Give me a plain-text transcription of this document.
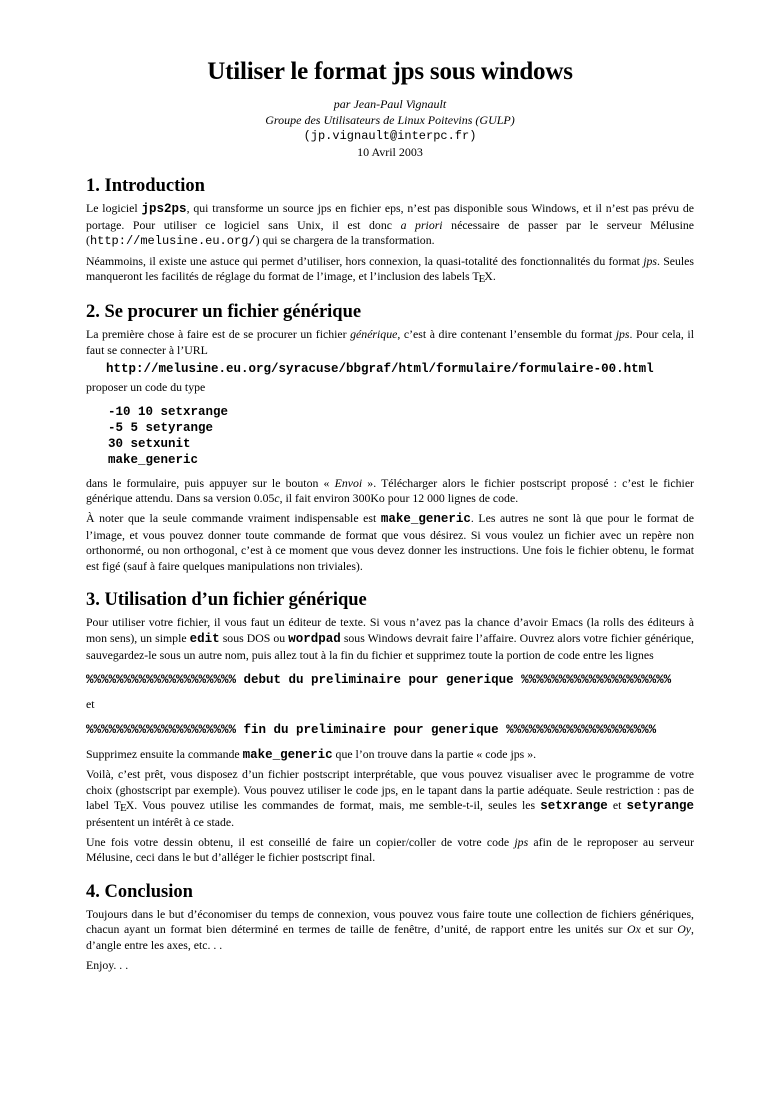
Utiliser le format jps sous windows
par Jean-Paul Vignault
Groupe des Utilisateurs de Linux Poitevins (GULP)
(jp.vignault@interpc.fr)
10 Avril 2003
1. Introduction

Le logiciel jps2ps, qui transforme un source jps en fichier eps, n’est pas disponible sous Windows, et il n’est pas prévu de portage. Pour utiliser ce logiciel sans Unix, il est donc a priori nécessaire de passer par le serveur Mélusine (http://melusine.eu.org/) qui se chargera de la transformation.

Néammoins, il existe une astuce qui permet d’utiliser, hors connexion, la quasi-totalité des fonctionnalités du format jps. Seules manqueront les facilités de réglage du format de l’image, et l’inclusion des labels TEX.

2. Se procurer un fichier générique

La première chose à faire est de se procurer un fichier générique, c’est à dire contenant l’ensemble du format jps. Pour cela, il faut se connecter à l’URL

http://melusine.eu.org/syracuse/bbgraf/html/formulaire/formulaire-00.html

proposer un code du type

-10 10 setxrange
-5 5 setyrange
30 setxunit
make_generic

dans le formulaire, puis appuyer sur le bouton « Envoi ». Télécharger alors le fichier postscript proposé : c’est le fichier générique attendu. Dans sa version 0.05c, il fait environ 300Ko pour 12 000 lignes de code.

À noter que la seule commande vraiment indispensable est make_generic. Les autres ne sont là que pour le format de l’image, et vous pouvez donner toute commande de format que vous désirez. Si vous voulez un fichier avec un repère non orthonormé, ou non orthogonal, c’est à ce moment que vous devez donner les instructions. Une fois le fichier obtenu, le format est figé (sauf à faire quelques manipulations non triviales).

3. Utilisation d’un fichier générique

Pour utiliser votre fichier, il vous faut un éditeur de texte. Si vous n’avez pas la chance d’avoir Emacs (la rolls des éditeurs à mon sens), un simple edit sous DOS ou wordpad sous Windows devrait faire l’affaire. Ouvrez alors votre fichier générique, sauvegardez-le sous un autre nom, puis allez tout à la fin du fichier et supprimez toute la portion de code entre les lignes

%%%%%%%%%%%%%%%%%%%% debut du preliminaire pour generique %%%%%%%%%%%%%%%%%%%%

et

%%%%%%%%%%%%%%%%%%%% fin du preliminaire pour generique %%%%%%%%%%%%%%%%%%%%

Supprimez ensuite la commande make_generic que l’on trouve dans la partie « code jps ».

Voilà, c’est prêt, vous disposez d’un fichier postscript interprétable, que vous pouvez visualiser avec le programme de votre choix (ghostscript par exemple). Vous pouvez utiliser le code jps, en le tapant dans la partie adéquate. Seule restriction : pas de label TEX. Vous pouvez utilise les commandes de format, mais, me semble-t-il, seules les setxrange et setyrange présentent un intérêt à ce stade.

Une fois votre dessin obtenu, il est conseillé de faire un copier/coller de votre code jps afin de le reproposer au serveur Mélusine, ceci dans le but d’alléger le fichier postscript final.

4. Conclusion

Toujours dans le but d’économiser du temps de connexion, vous pouvez vous faire toute une collection de fichiers génériques, chacun ayant un format bien déterminé en termes de taille de fenêtre, d’unité, de rapport entre les unités sur Ox et sur Oy, d’angle entre les axes, etc. . .

Enjoy. . .
